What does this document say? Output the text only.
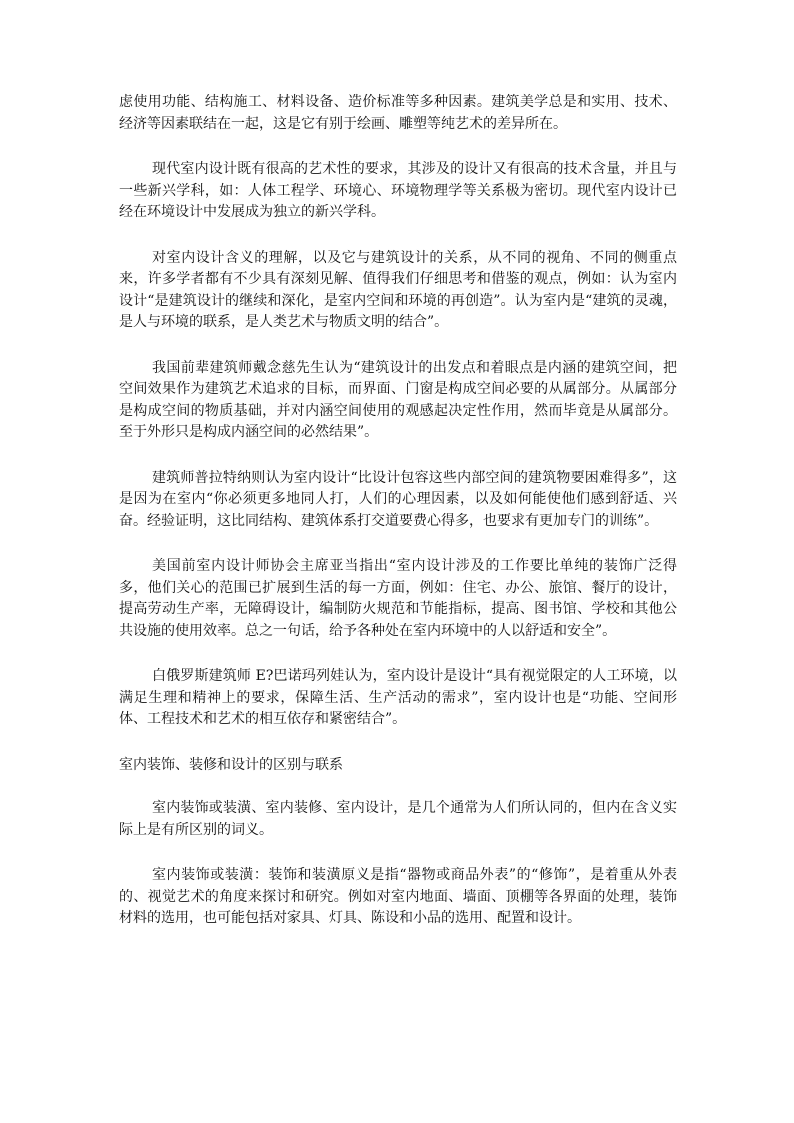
虑使用功能、结构施工、材料设备、造价标准等多种因素。建筑美学总是和实用、技术、经济等因素联结在一起，这是它有别于绘画、雕塑等纯艺术的差异所在。

现代室内设计既有很高的艺术性的要求，其涉及的设计又有很高的技术含量，并且与一些新兴学科，如：人体工程学、环境心、环境物理学等关系极为密切。现代室内设计已经在环境设计中发展成为独立的新兴学科。

对室内设计含义的理解，以及它与建筑设计的关系，从不同的视角、不同的侧重点来，许多学者都有不少具有深刻见解、值得我们仔细思考和借鉴的观点，例如：认为室内设计“是建筑设计的继续和深化，是室内空间和环境的再创造”。认为室内是“建筑的灵魂，是人与环境的联系，是人类艺术与物质文明的结合”。

我国前辈建筑师戴念慈先生认为“建筑设计的出发点和着眼点是内涵的建筑空间，把空间效果作为建筑艺术追求的目标，而界面、门窗是构成空间必要的从属部分。从属部分是构成空间的物质基础，并对内涵空间使用的观感起决定性作用，然而毕竟是从属部分。至于外形只是构成内涵空间的必然结果”。

建筑师普拉特纳则认为室内设计“比设计包容这些内部空间的建筑物要困难得多”，这是因为在室内“你必须更多地同人打，人们的心理因素，以及如何能使他们感到舒适、兴奋。经验证明，这比同结构、建筑体系打交道要费心得多，也要求有更加专门的训练”。

美国前室内设计师协会主席亚当指出“室内设计涉及的工作要比单纯的装饰广泛得多，他们关心的范围已扩展到生活的每一方面，例如：住宅、办公、旅馆、餐厅的设计，提高劳动生产率，无障碍设计，编制防火规范和节能指标，提高、图书馆、学校和其他公共设施的使用效率。总之一句话，给予各种处在室内环境中的人以舒适和安全”。

白俄罗斯建筑师 E?巴诺玛列娃认为，室内设计是设计“具有视觉限定的人工环境，以满足生理和精神上的要求，保障生活、生产活动的需求”，室内设计也是“功能、空间形体、工程技术和艺术的相互依存和紧密结合”。

室内装饰、装修和设计的区别与联系

室内装饰或装潢、室内装修、室内设计，是几个通常为人们所认同的，但内在含义实际上是有所区别的词义。

室内装饰或装潢：装饰和装潢原义是指“器物或商品外表”的“修饰”，是着重从外表的、视觉艺术的角度来探讨和研究。例如对室内地面、墙面、顶棚等各界面的处理，装饰材料的选用，也可能包括对家具、灯具、陈设和小品的选用、配置和设计。
